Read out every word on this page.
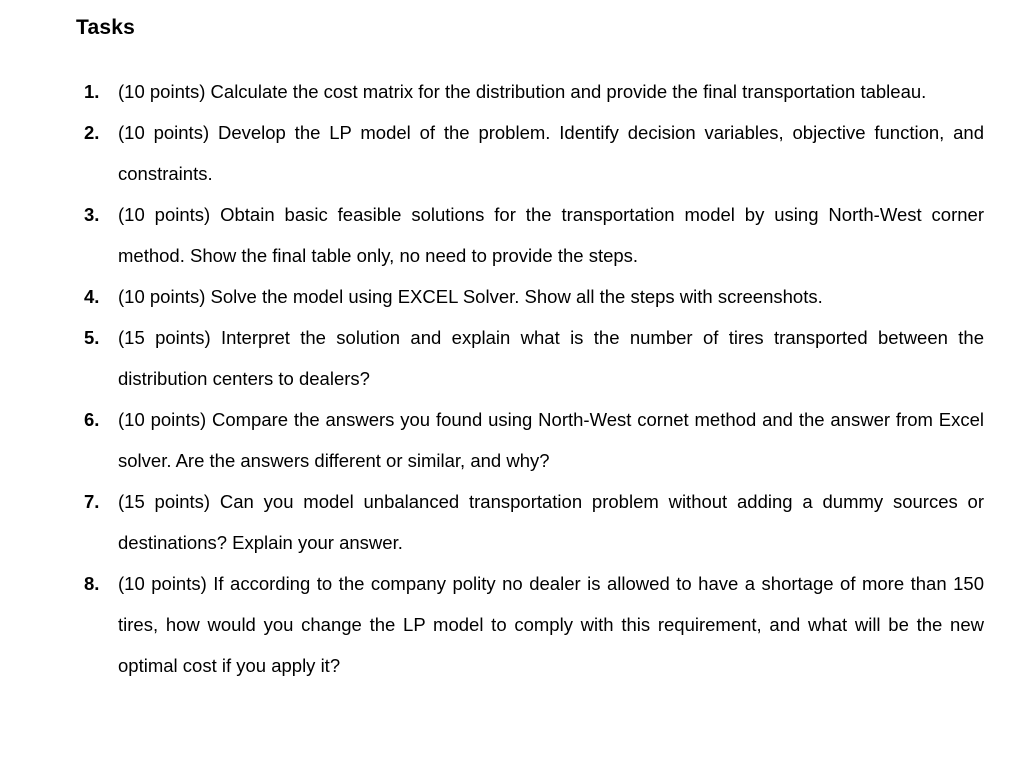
Tasks
1. (10 points) Calculate the cost matrix for the distribution and provide the final transportation tableau.
2. (10 points) Develop the LP model of the problem. Identify decision variables, objective function, and constraints.
3. (10 points) Obtain basic feasible solutions for the transportation model by using North-West corner method. Show the final table only, no need to provide the steps.
4. (10 points) Solve the model using EXCEL Solver. Show all the steps with screenshots.
5. (15 points) Interpret the solution and explain what is the number of tires transported between the distribution centers to dealers?
6. (10 points) Compare the answers you found using North-West cornet method and the answer from Excel solver. Are the answers different or similar, and why?
7. (15 points) Can you model unbalanced transportation problem without adding a dummy sources or destinations? Explain your answer.
8. (10 points) If according to the company polity no dealer is allowed to have a shortage of more than 150 tires, how would you change the LP model to comply with this requirement, and what will be the new optimal cost if you apply it?
